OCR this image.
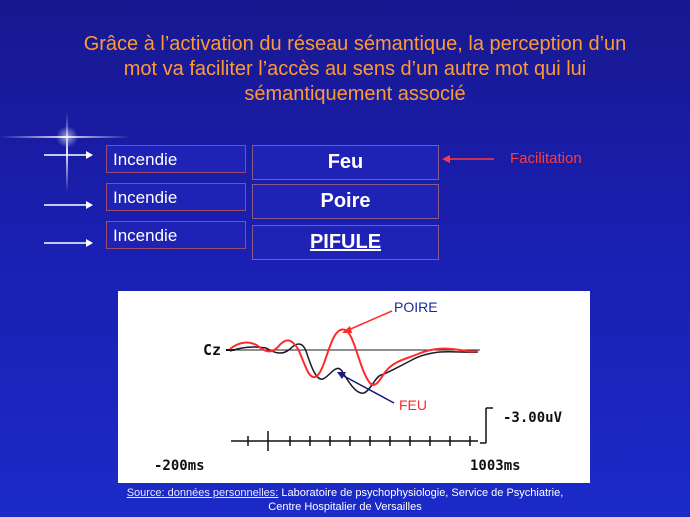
Grâce à l’activation du réseau sémantique, la perception d’un mot va faciliter l’accès au sens d’un autre mot qui lui sémantiquement associé
Incendie	Feu
Incendie	Poire
Incendie	PIFULE
Facilitation
Cz
POIRE
FEU
-3.00uV
-200ms	1003ms
Source: données personnelles: Laboratoire de psychophysiologie, Service de Psychiatrie, Centre Hospitalier de Versailles
